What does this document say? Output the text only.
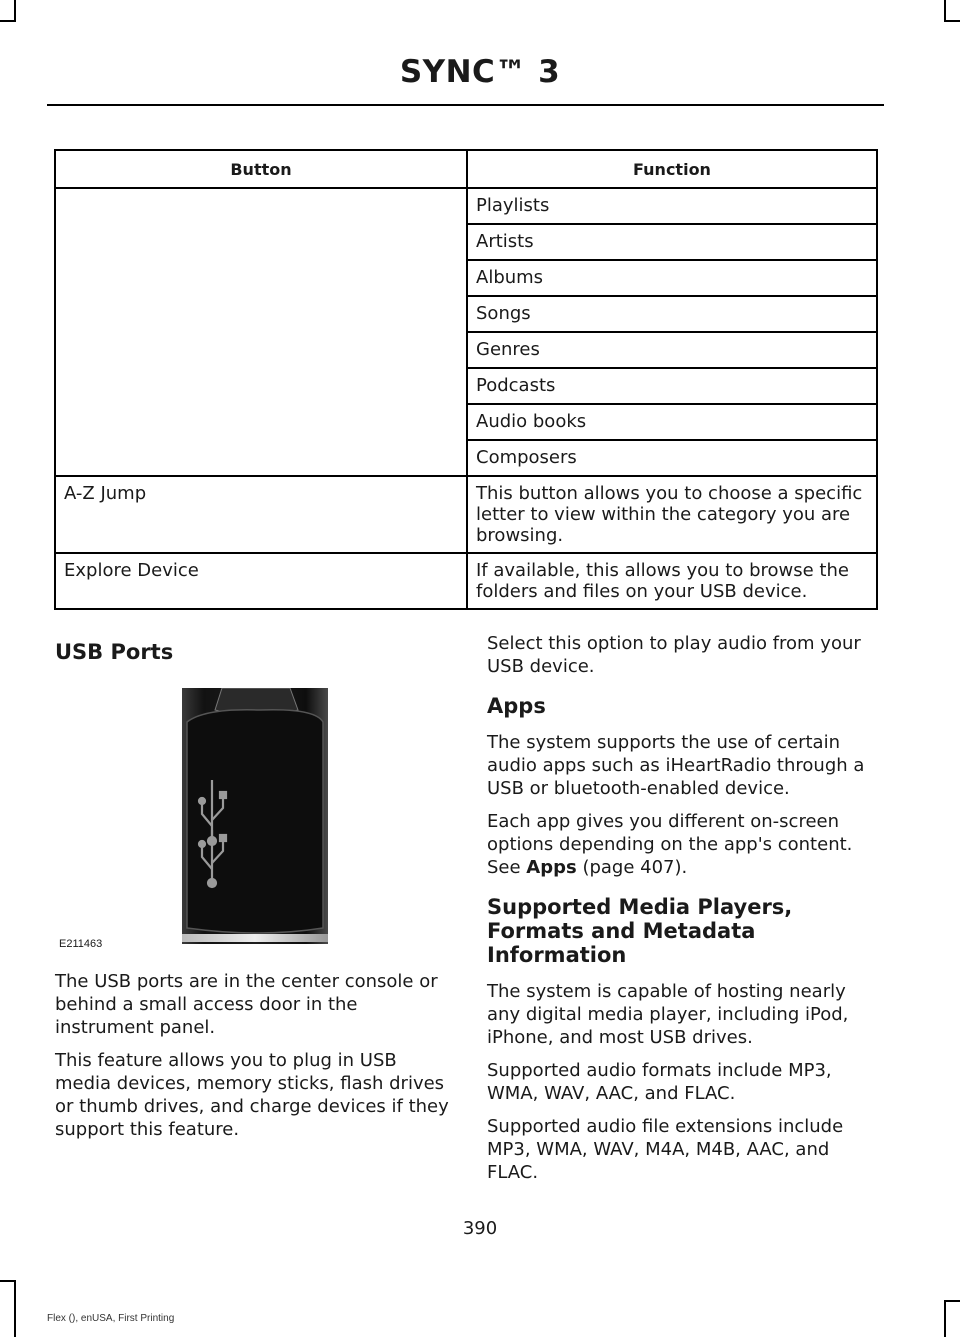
SYNC™ 3
Button	Function
	Playlists
	Artists
	Albums
	Songs
	Genres
	Podcasts
	Audio books
	Composers
A-Z Jump	This button allows you to choose a specific letter to view within the category you are browsing.
Explore Device	If available, this allows you to browse the folders and files on your USB device.
USB Ports
E211463

The USB ports are in the center console or behind a small access door in the instrument panel.

This feature allows you to plug in USB media devices, memory sticks, flash drives or thumb drives, and charge devices if they support this feature.

Select this option to play audio from your USB device.

Apps

The system supports the use of certain audio apps such as iHeartRadio through a USB or bluetooth-enabled device.

Each app gives you different on-screen options depending on the app's content. See Apps (page 407).

Supported Media Players, Formats and Metadata Information

The system is capable of hosting nearly any digital media player, including iPod, iPhone, and most USB drives.

Supported audio formats include MP3, WMA, WAV, AAC, and FLAC.

Supported audio file extensions include MP3, WMA, WAV, M4A, M4B, AAC, and FLAC.

390
Flex (), enUSA, First Printing
